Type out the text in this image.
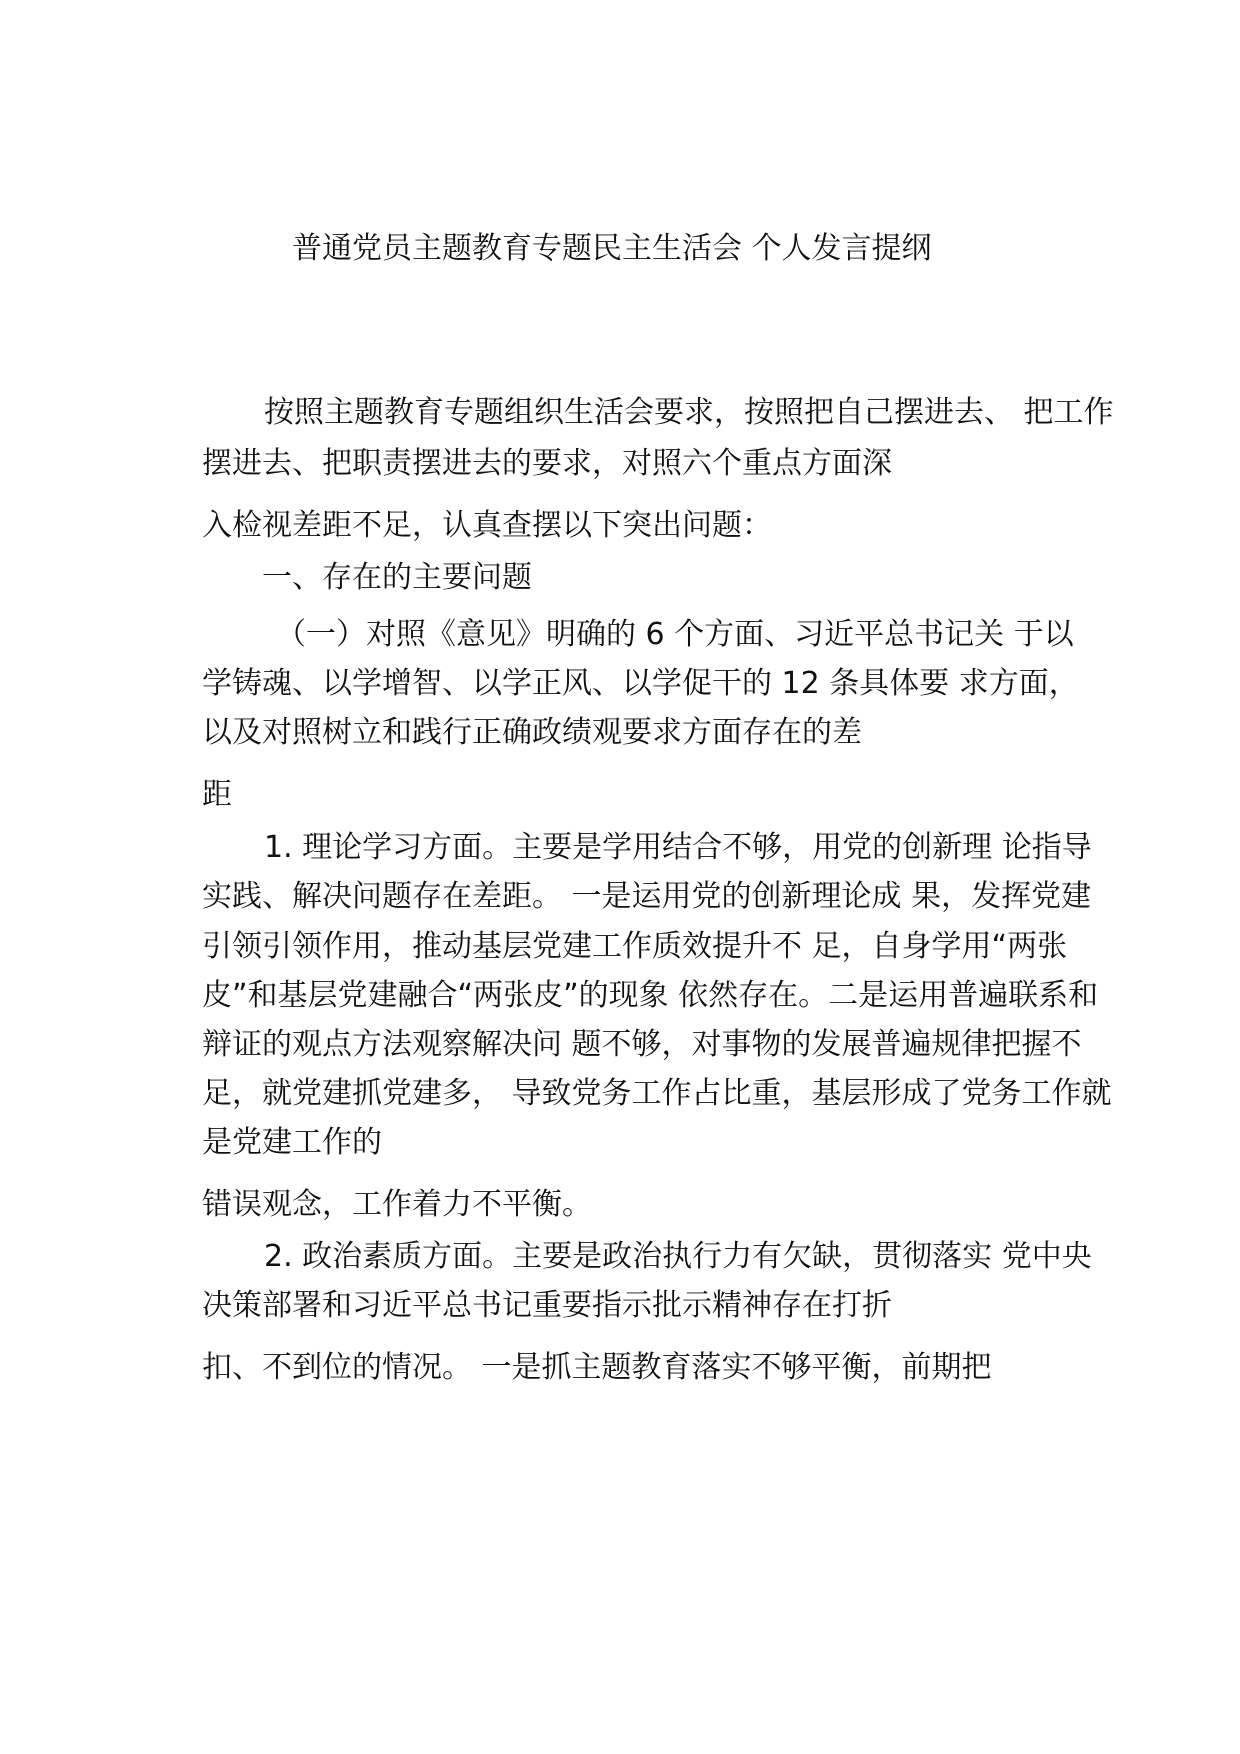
普通党员主题教育专题民主生活会 个人发言提纲
按照主题教育专题组织生活会要求，按照把自己摆进去、 把工作
摆进去、把职责摆进去的要求，对照六个重点方面深
入检视差距不足，认真查摆以下突出问题：
一、存在的主要问题
（一）对照《意见》明确的 6 个方面、习近平总书记关 于以
学铸魂、以学增智、以学正风、以学促干的 12 条具体要 求方面，
以及对照树立和践行正确政绩观要求方面存在的差
距
1. 理论学习方面。主要是学用结合不够，用党的创新理 论指导
实践、解决问题存在差距。 一是运用党的创新理论成 果，发挥党建
引领引领作用，推动基层党建工作质效提升不 足，自身学用“两张
皮”和基层党建融合“两张皮”的现象 依然存在。二是运用普遍联系和
辩证的观点方法观察解决问 题不够，对事物的发展普遍规律把握不
足，就党建抓党建多， 导致党务工作占比重，基层形成了党务工作就
是党建工作的
错误观念，工作着力不平衡。
2. 政治素质方面。主要是政治执行力有欠缺，贯彻落实 党中央
决策部署和习近平总书记重要指示批示精神存在打折
扣、不到位的情况。 一是抓主题教育落实不够平衡，前期把
